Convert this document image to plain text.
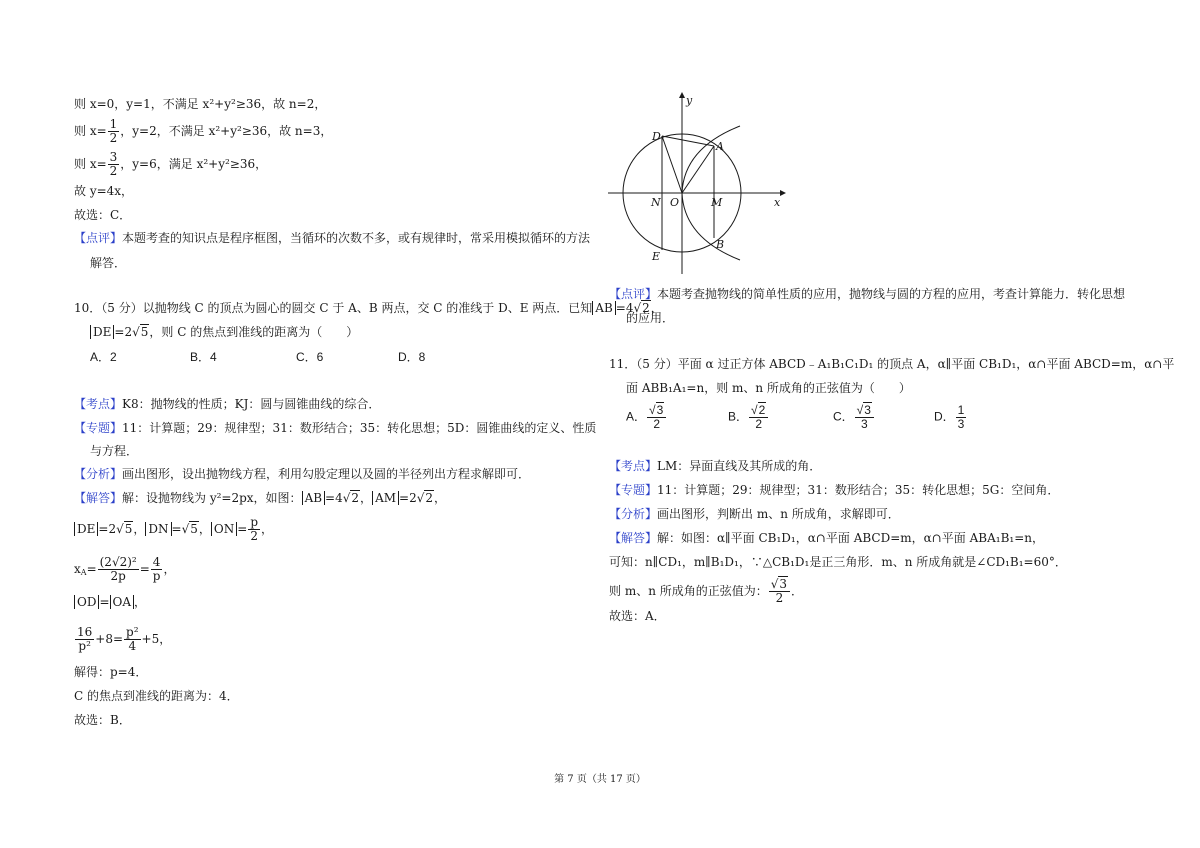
则 x=0，y=1，不满足 x²+y²≥36，故 n=2，
则 $x= \frac{1}{2}$ ，y=2，不满足 x²+y²≥36，故 n=3，
则 $x= \frac{3}{2}$ ，y=6，满足 x²+y²≥36，
故 y=4x，
故选：C．
【点评】本题考查的知识点是程序框图，当循环的次数不多，或有规律时，常采用模拟循环的方法
解答．
10．（5 分）以抛物线 C 的顶点为圆心的圆交 C 于 A、B 两点，交 C 的准线于 D、E 两点．已知 AB =4√2，
DE =2√5，则 C 的焦点到准线的距离为（　　）
A．2	B．4	C．6	D．8
【考点】K8：抛物线的性质；KJ：圆与圆锥曲线的综合．
【专题】11：计算题；29：规律型；31：数形结合；35：转化思想；5D：圆锥曲线的定义、性质
与方程．
【分析】画出图形，设出抛物线方程，利用勾股定理以及圆的半径列出方程求解即可．
【解答】解：设抛物线为 y²=2px，如图： AB =4√2， AM =2√2，
DE =2√5， DN =√5， ON = $\frac{p}{2}$ ，
$x_A= \frac{\text{(2√2)²}}{2p} = \frac{4}{p}$ ，
OD = OA ，
$\frac{16}{\text{p²}} +8= \frac{\text{p²}}{4} +5$，
解得：p=4．
C 的焦点到准线的距离为：4．
故选：B．
y
x
D
A
N O	M
B
E
【点评】本题考查抛物线的简单性质的应用，抛物线与圆的方程的应用，考查计算能力．转化思想
的应用．
11．（5 分）平面 α 过正方体 ABCD﹣A₁B₁C₁D₁ 的顶点 A，α∥平面 CB₁D₁，α∩平面 ABCD=m，α∩平
面 ABB₁A₁=n，则 m、n 所成角的正弦值为（　　）
A． $\frac{√3}{2}$	B． $\frac{√2}{2}$	C． $\frac{√3}{3}$	D． $\frac{1}{3}$
【考点】LM：异面直线及其所成的角．
【专题】11：计算题；29：规律型；31：数形结合；35：转化思想；5G：空间角．
【分析】画出图形，判断出 m、n 所成角，求解即可．
【解答】解：如图：α∥平面 CB₁D₁，α∩平面 ABCD=m，α∩平面 ABA₁B₁=n，
可知：n∥CD₁，m∥B₁D₁，∵△CB₁D₁是正三角形．m、n 所成角就是∠CD₁B₁=60°．
则 m、n 所成角的正弦值为： $\frac{√3}{2}$ ．
故选：A．
第 7 页（共 17 页）
